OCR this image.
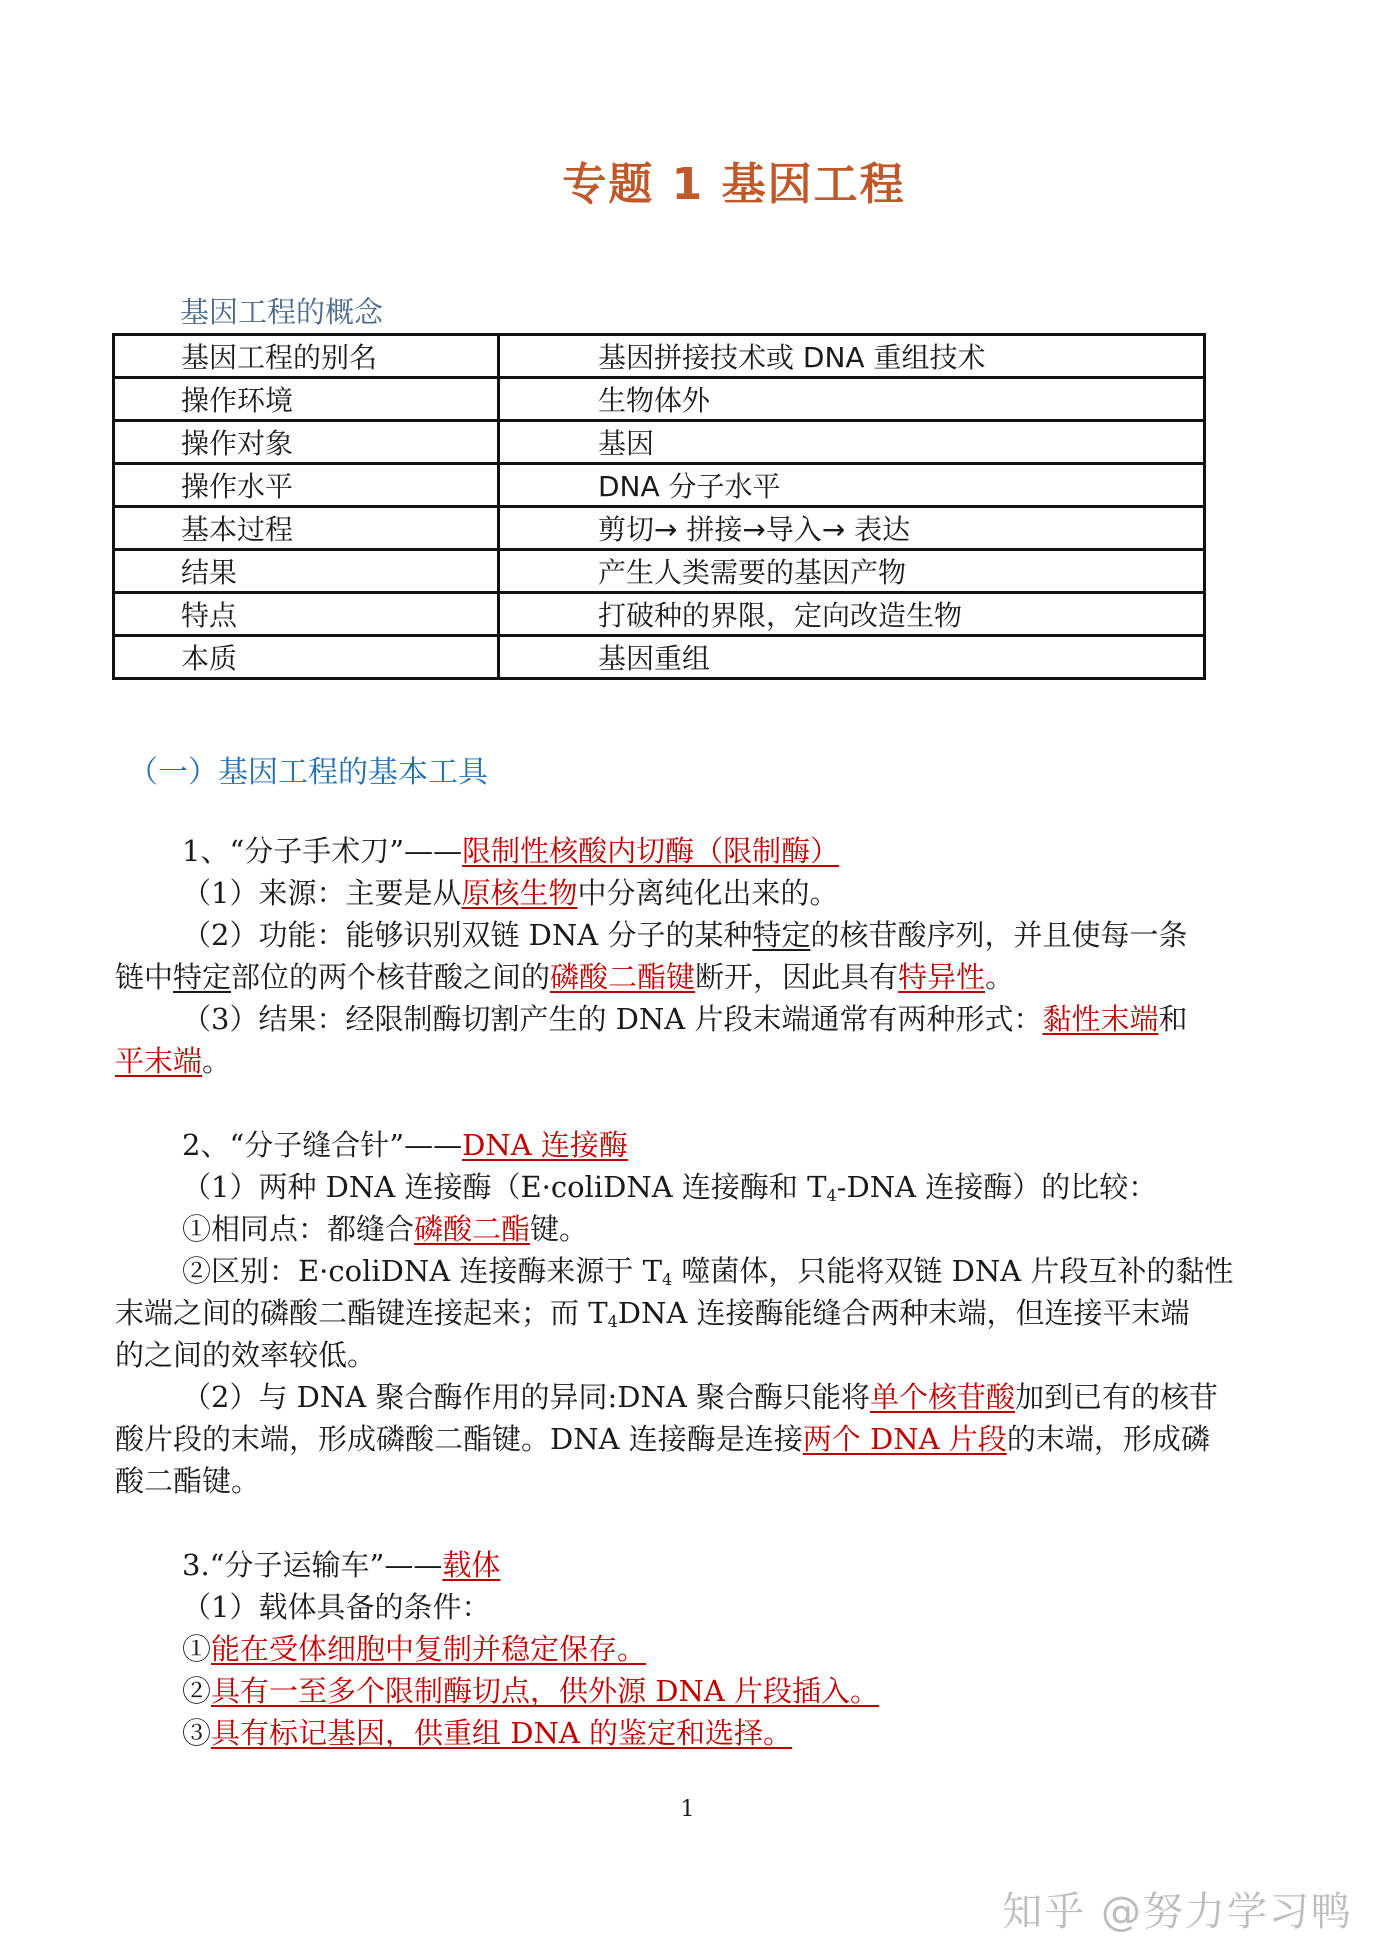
专题 1 基因工程
基因工程的概念
基因工程的别名	基因拼接技术或 DNA 重组技术
操作环境	生物体外
操作对象	基因
操作水平	DNA 分子水平
基本过程	剪切→ 拼接→导入→ 表达
结果	产生人类需要的基因产物
特点	打破种的界限，定向改造生物
本质	基因重组
（一）基因工程的基本工具
1、“分子手术刀”——限制性核酸内切酶（限制酶）
（1）来源：主要是从原核生物中分离纯化出来的。
（2）功能：能够识别双链 DNA 分子的某种特定的核苷酸序列，并且使每一条
链中特定部位的两个核苷酸之间的磷酸二酯键断开，因此具有特异性。
（3）结果：经限制酶切割产生的 DNA 片段末端通常有两种形式：黏性末端和
平末端。
2、“分子缝合针”——DNA 连接酶
（1）两种 DNA 连接酶（E·coliDNA 连接酶和 $T_4$-DNA 连接酶）的比较：
①相同点：都缝合磷酸二酯键。
②区别：E·coliDNA 连接酶来源于 $T_4$ 噬菌体，只能将双链 DNA 片段互补的黏性
末端之间的磷酸二酯键连接起来；而 $T_4DNA$ 连接酶能缝合两种末端，但连接平末端
的之间的效率较低。
（2）与 DNA 聚合酶作用的异同:DNA 聚合酶只能将单个核苷酸加到已有的核苷
酸片段的末端，形成磷酸二酯键。DNA 连接酶是连接两个 DNA 片段的末端，形成磷
酸二酯键。
3.“分子运输车”——载体
（1）载体具备的条件：
①能在受体细胞中复制并稳定保存。
②具有一至多个限制酶切点，供外源 DNA 片段插入。
③具有标记基因，供重组 DNA 的鉴定和选择。
1
知乎 @努力学习鸭
